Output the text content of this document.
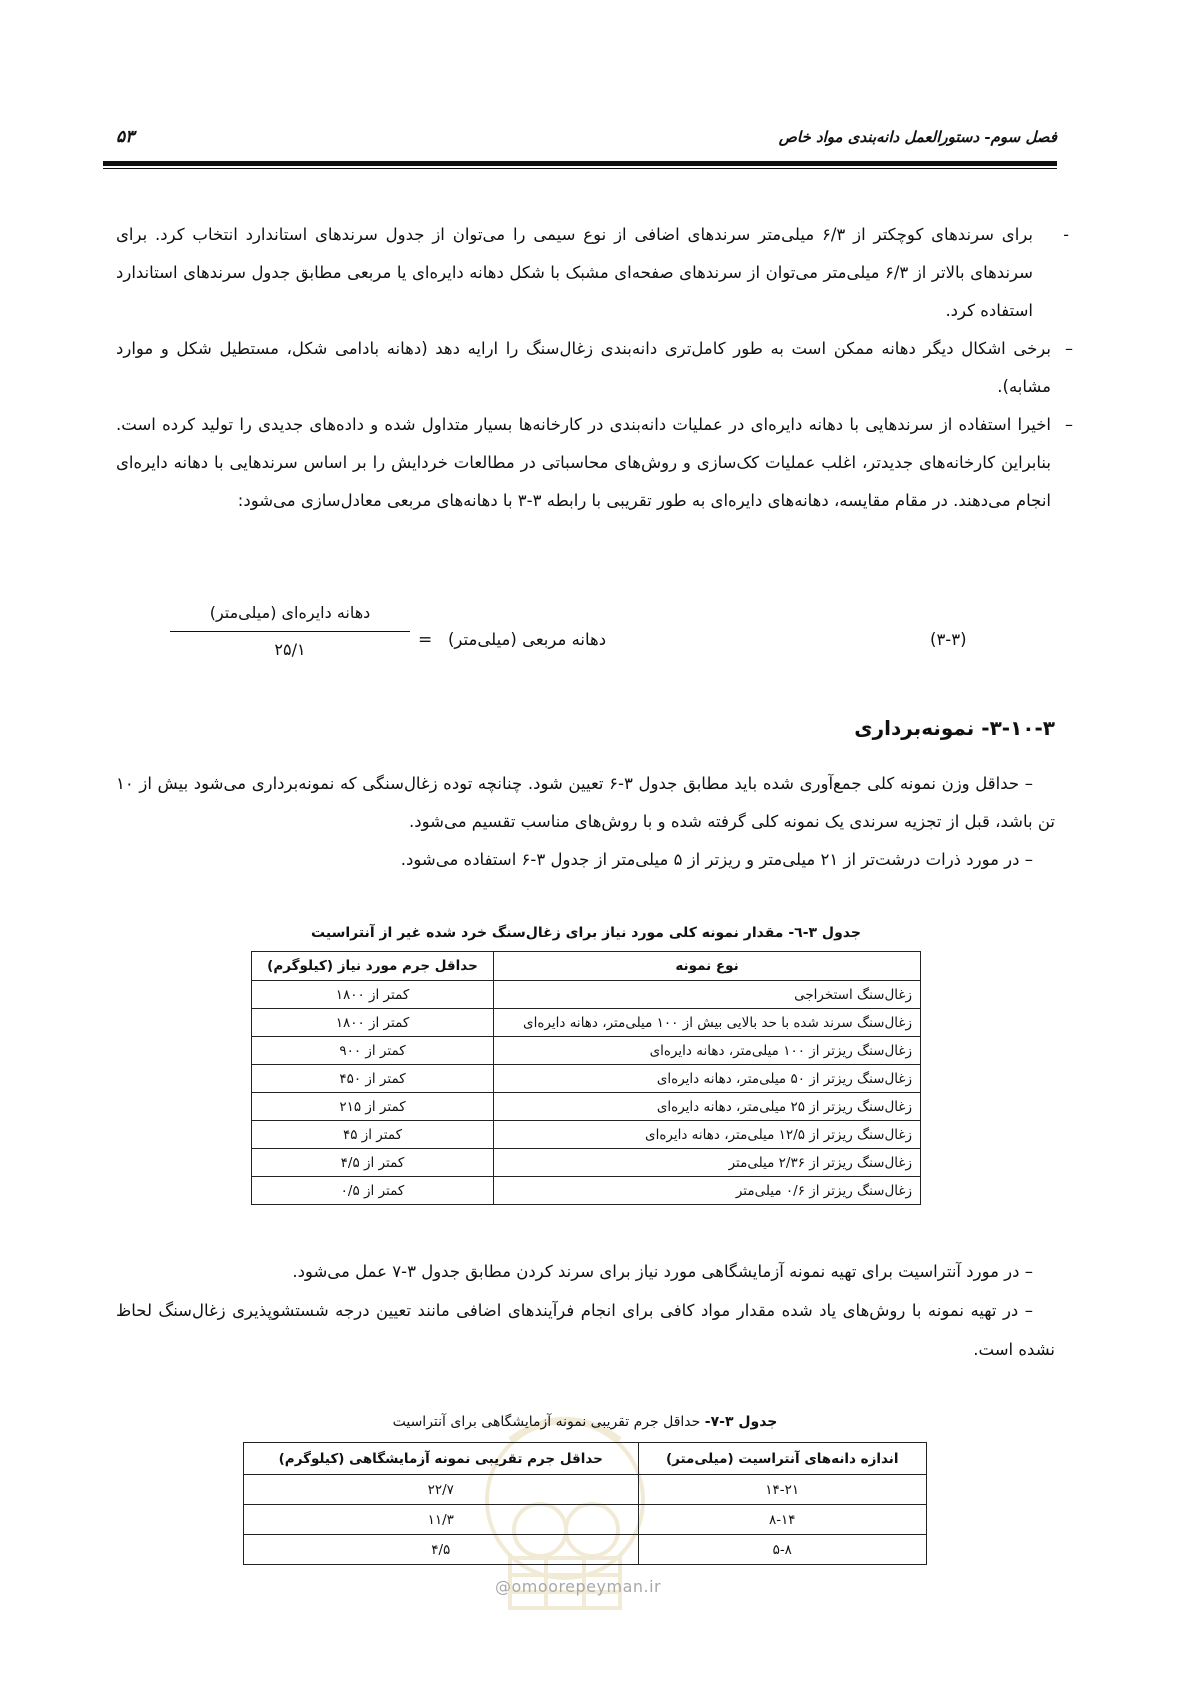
فصل سوم- دستورالعمل دانه‌بندی مواد خاص
۵۳
-
برای سرندهای کوچکتر از ۶/۳ میلی‌متر سرندهای اضافی از نوع سیمی را می‌توان از جدول سرندهای استاندارد انتخاب کرد. برای سرندهای بالاتر از ۶/۳ میلی‌متر می‌توان از سرندهای صفحه‌ای مشبک با شکل دهانه دایره‌ای یا مربعی مطابق جدول سرندهای استاندارد استفاده کرد.
–
برخی اشکال دیگر دهانه ممکن است به طور کامل‌تری دانه‌بندی زغال‌سنگ را ارایه دهد (دهانه بادامی شکل، مستطیل شکل و موارد مشابه).
–
اخیرا استفاده از سرندهایی با دهانه دایره‌ای در عملیات دانه‌بندی در کارخانه‌ها بسیار متداول شده و داده‌های جدیدی را تولید کرده است. بنابراین کارخانه‌های جدیدتر، اغلب عملیات کک‌سازی و روش‌های محاسباتی در مطالعات خردایش را بر اساس سرندهایی با دهانه دایره‌ای انجام می‌دهند. در مقام مقایسه، دهانه‌های دایره‌ای به طور تقریبی با رابطه ۳-۳ با دهانه‌های مربعی معادل‌سازی می‌شود:
دهانه دایره‌ای (میلی‌متر)
۲۵/۱	= دهانه مربعی (میلی‌متر)	(۳-۳)
۳-۱۰-۳- نمونه‌برداری
– حداقل وزن نمونه کلی جمع‌آوری شده باید مطابق جدول ۳-۶ تعیین شود. چنانچه توده زغال‌سنگی که نمونه‌برداری می‌شود بیش از ۱۰ تن باشد، قبل از تجزیه سرندی یک نمونه کلی گرفته شده و با روش‌های مناسب تقسیم می‌شود.
– در مورد ذرات درشت‌تر از ۲۱ میلی‌متر و ریزتر از ۵ میلی‌متر از جدول ۳-۶ استفاده می‌شود.
جدول ۳-٦- مقدار نمونه کلی مورد نیاز برای زغال‌سنگ خرد شده غیر از آنتراسیت
نوع نمونه	حداقل جرم مورد نیاز (کیلوگرم)
زغال‌سنگ استخراجی	کمتر از ۱۸۰۰
زغال‌سنگ سرند شده با حد بالایی بیش از ۱۰۰ میلی‌متر، دهانه دایره‌ای	کمتر از ۱۸۰۰
زغال‌سنگ ریزتر از ۱۰۰ میلی‌متر، دهانه دایره‌ای	کمتر از ۹۰۰
زغال‌سنگ ریزتر از ۵۰ میلی‌متر، دهانه دایره‌ای	کمتر از ۴۵۰
زغال‌سنگ ریزتر از ۲۵ میلی‌متر، دهانه دایره‌ای	کمتر از ۲۱۵
زغال‌سنگ ریزتر از ۱۲/۵ میلی‌متر، دهانه دایره‌ای	کمتر از ۴۵
زغال‌سنگ ریزتر از ۲/۳۶ میلی‌متر	کمتر از ۴/۵
زغال‌سنگ ریزتر از ۰/۶ میلی‌متر	کمتر از ۰/۵
– در مورد آنتراسیت برای تهیه نمونه آزمایشگاهی مورد نیاز برای سرند کردن مطابق جدول ۳-۷ عمل می‌شود.
– در تهیه نمونه با روش‌های یاد شده مقدار مواد کافی برای انجام فرآیندهای اضافی مانند تعیین درجه شستشوپذیری زغال‌سنگ لحاظ نشده است.
جدول ۳-۷- حداقل جرم تقریبی نمونه آزمایشگاهی برای آنتراسیت
اندازه دانه‌های آنتراسیت (میلی‌متر)	حداقل جرم تقریبی نمونه آزمایشگاهی (کیلوگرم)
۱۴-۲۱	۲۲/۷
۸-۱۴	۱۱/۳
۵-۸	۴/۵
@omoorepeyman.ir
